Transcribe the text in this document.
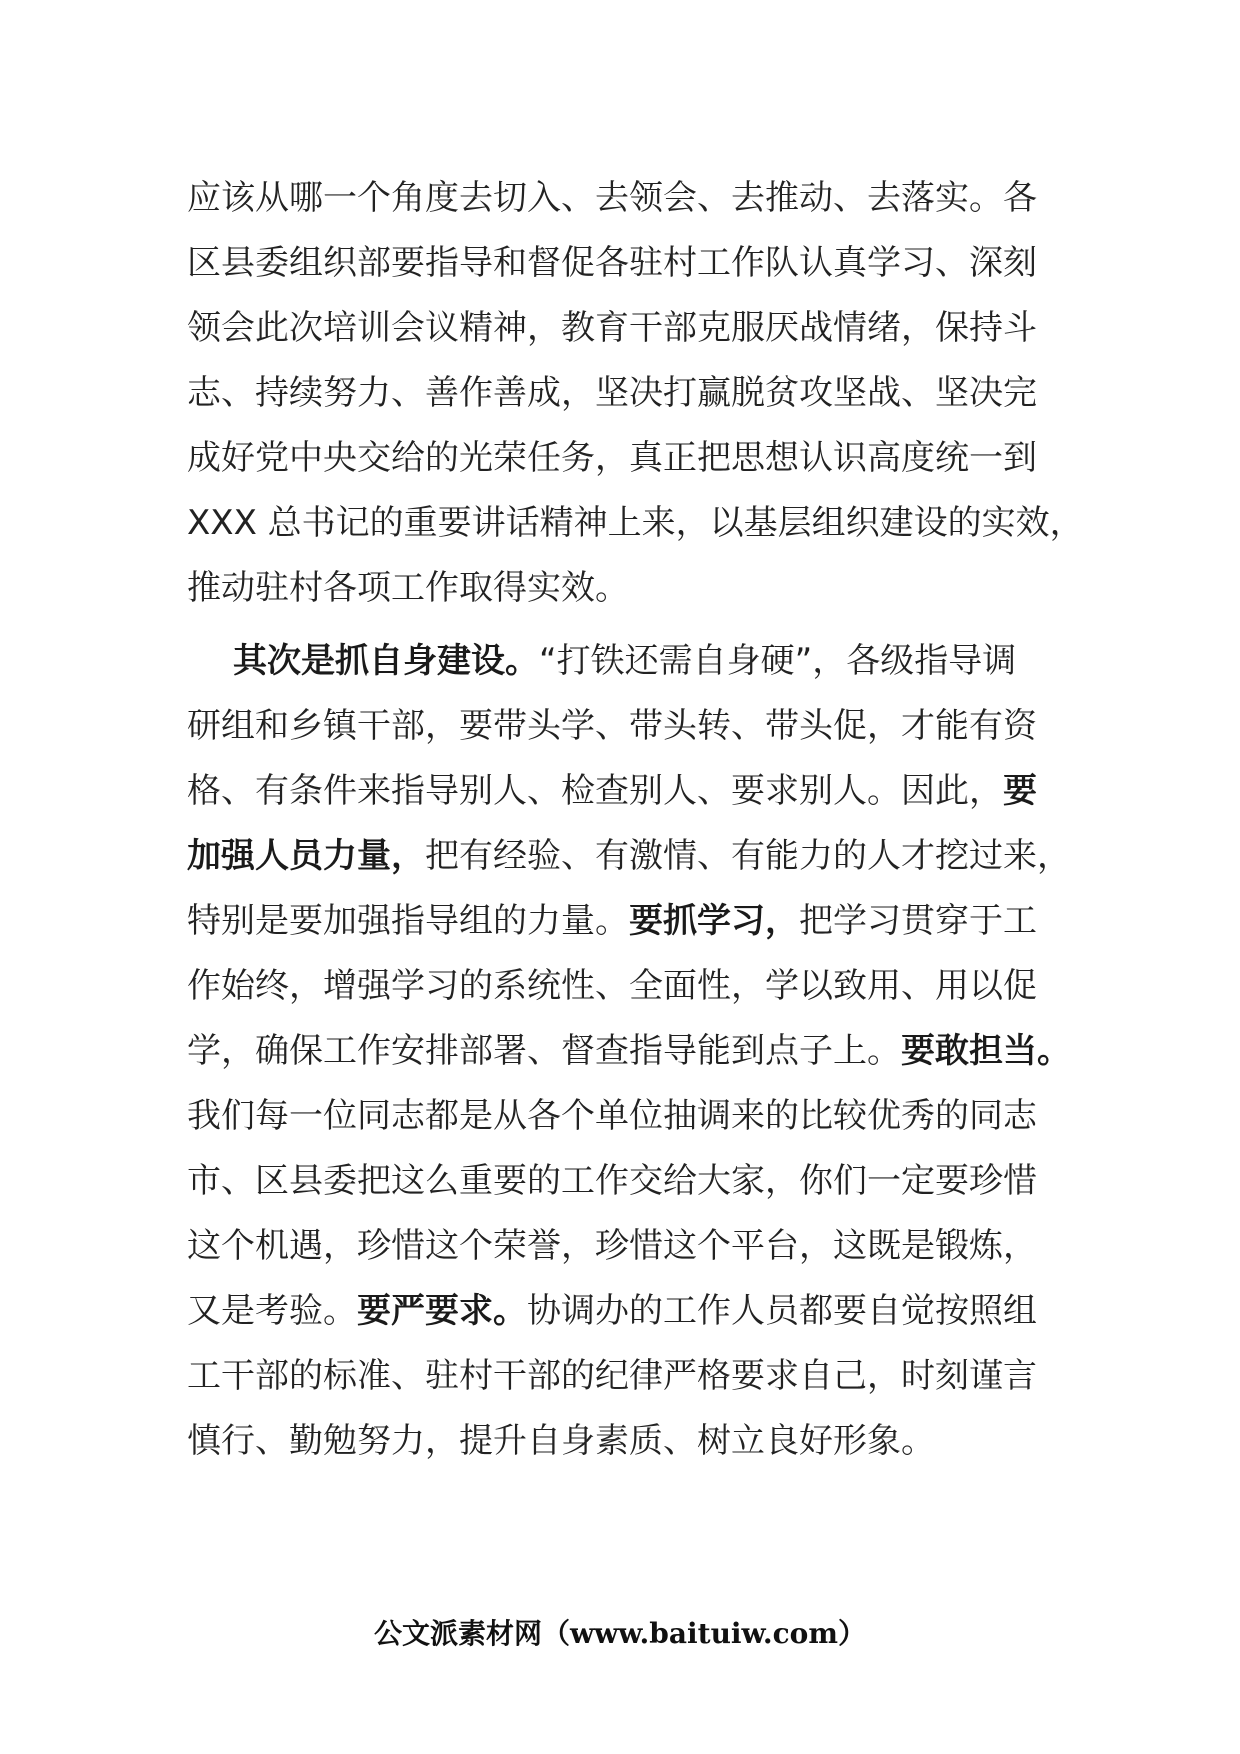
应该从哪一个角度去切入、去领会、去推动、去落实。各
区县委组织部要指导和督促各驻村工作队认真学习、深刻
领会此次培训会议精神，教育干部克服厌战情绪，保持斗
志、持续努力、善作善成，坚决打赢脱贫攻坚战、坚决完
成好党中央交给的光荣任务，真正把思想认识高度统一到
XXX 总书记的重要讲话精神上来，以基层组织建设的实效，
推动驻村各项工作取得实效。
其次是抓自身建设。“打铁还需自身硬”，各级指导调
研组和乡镇干部，要带头学、带头转、带头促，才能有资
格、有条件来指导别人、检查别人、要求别人。因此，要
加强人员力量，把有经验、有激情、有能力的人才挖过来，
特别是要加强指导组的力量。要抓学习，把学习贯穿于工
作始终，增强学习的系统性、全面性，学以致用、用以促
学，确保工作安排部署、督查指导能到点子上。要敢担当。
我们每一位同志都是从各个单位抽调来的比较优秀的同志
市、区县委把这么重要的工作交给大家，你们一定要珍惜
这个机遇，珍惜这个荣誉，珍惜这个平台，这既是锻炼，
又是考验。要严要求。协调办的工作人员都要自觉按照组
工干部的标准、驻村干部的纪律严格要求自己，时刻谨言
慎行、勤勉努力，提升自身素质、树立良好形象。
公文派素材网（www.baituiw.com）
